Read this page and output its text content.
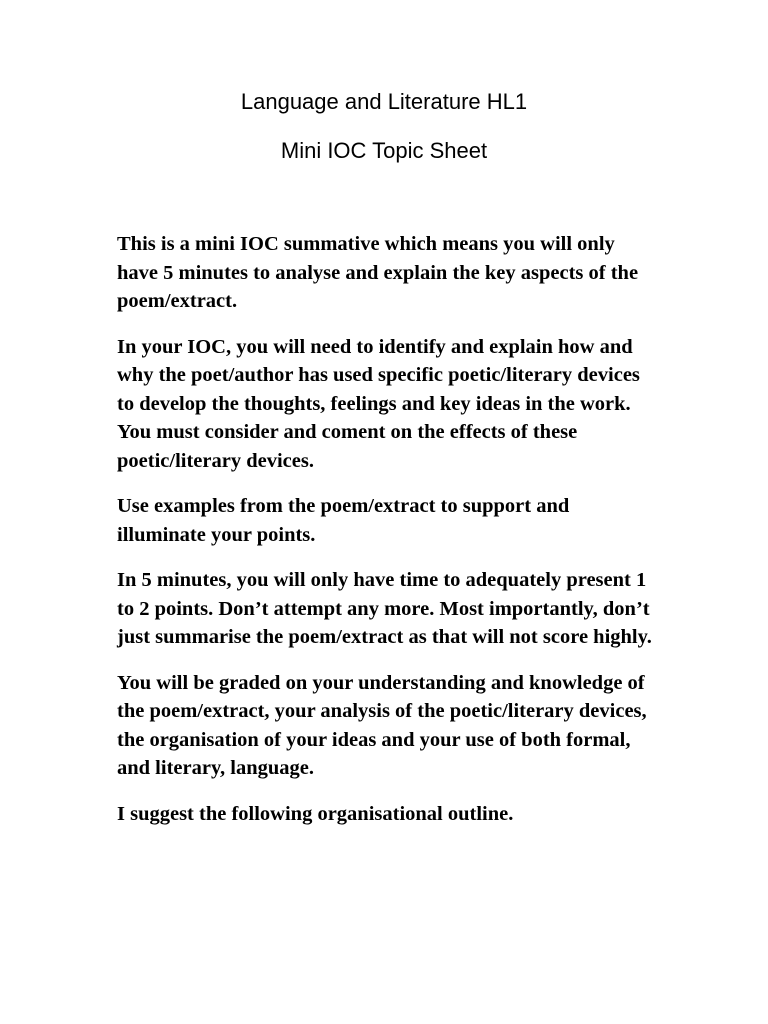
Language and Literature HL1
Mini IOC Topic Sheet

This is a mini IOC summative which means you will only have 5 minutes to analyse and explain the key aspects of the poem/extract.

In your IOC, you will need to identify and explain how and why the poet/author has used specific poetic/literary devices to develop the thoughts, feelings and key ideas in the work. You must consider and coment on the effects of these poetic/literary devices.

Use examples from the poem/extract to support and illuminate your points.

In 5 minutes, you will only have time to adequately present 1 to 2 points. Don’t attempt any more. Most importantly, don’t just summarise the poem/extract as that will not score highly.

You will be graded on your understanding and knowledge of the poem/extract, your analysis of the poetic/literary devices, the organisation of your ideas and your use of both formal, and literary, language.

I suggest the following organisational outline.
